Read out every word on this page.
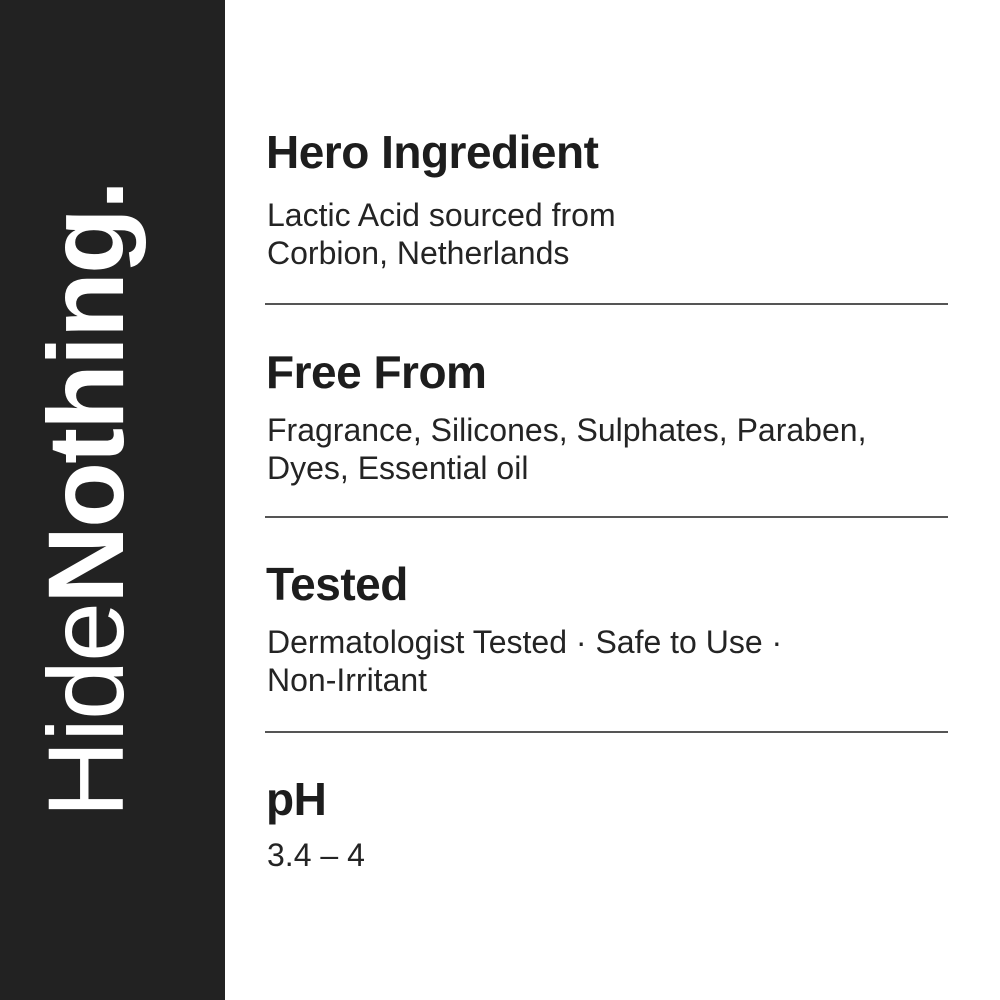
HideNothing.
Hero Ingredient
Lactic Acid sourced from
Corbion, Netherlands
Free From
Fragrance, Silicones, Sulphates, Paraben,
Dyes, Essential oil
Tested
Dermatologist Tested · Safe to Use ·
Non-Irritant
pH
3.4 – 4
